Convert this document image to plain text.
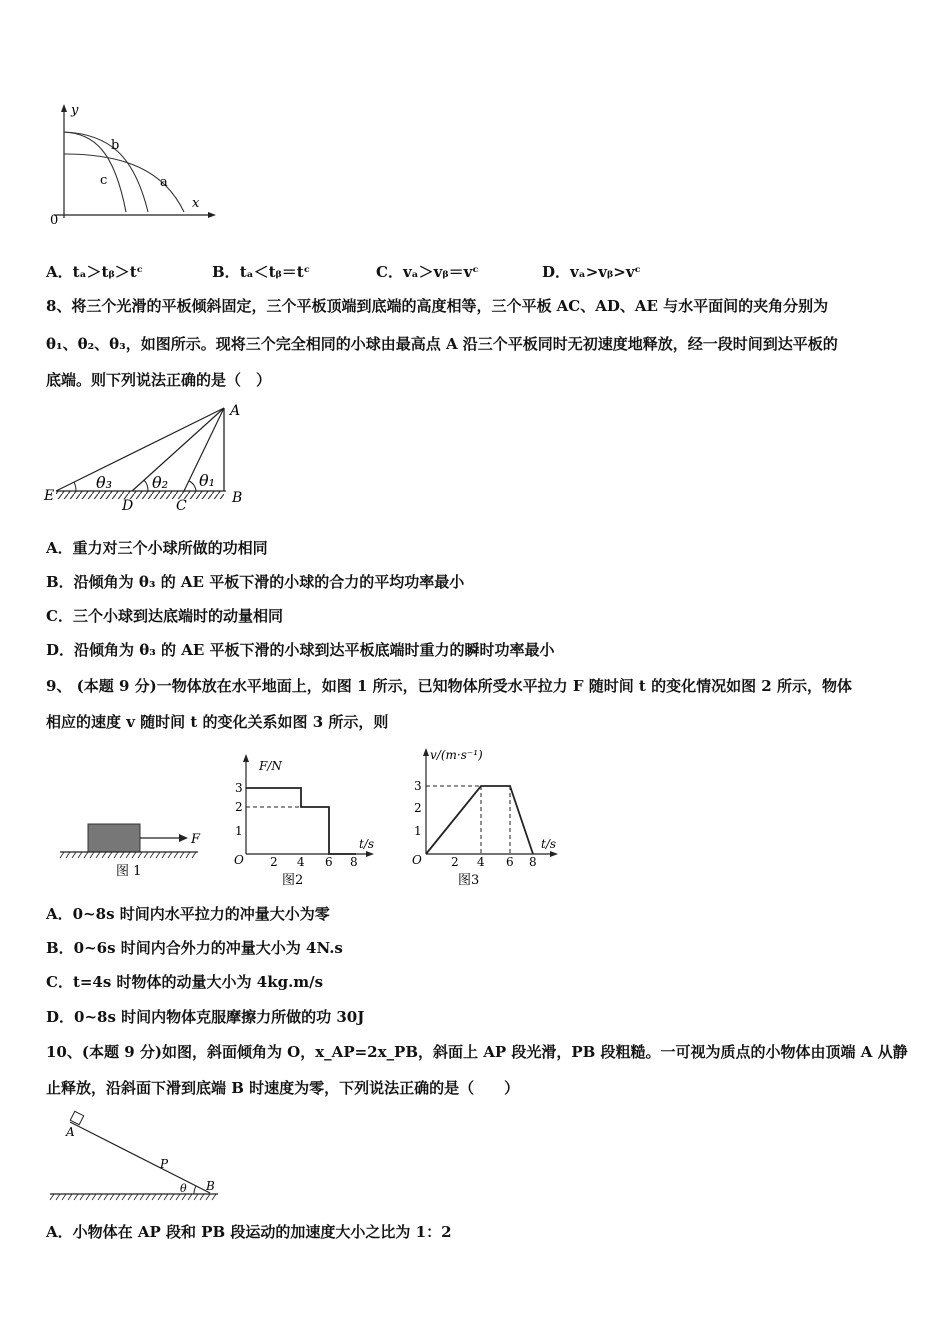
y
x
0
b
c	a
A．tₐ＞tᵦ＞tᶜ	B．tₐ＜tᵦ＝tᶜ	C．vₐ＞vᵦ＝vᶜ	D．vₐ>vᵦ>vᶜ
8、将三个光滑的平板倾斜固定，三个平板顶端到底端的高度相等，三个平板 AC、AD、AE 与水平面间的夹角分别为
θ₁、θ₂、θ₃，如图所示。现将三个完全相同的小球由最高点 A 沿三个平板同时无初速度地释放，经一段时间到达平板的
底端。则下列说法正确的是（　）
A
B
C
D
E
θ₃ θ₂ θ₁
A．重力对三个小球所做的功相同
B．沿倾角为 θ₃ 的 AE 平板下滑的小球的合力的平均功率最小
C．三个小球到达底端时的动量相同
D．沿倾角为 θ₃ 的 AE 平板下滑的小球到达平板底端时重力的瞬时功率最小
9、 (本题 9 分)一物体放在水平地面上，如图 1 所示，已知物体所受水平拉力 F 随时间 t 的变化情况如图 2 所示，物体
相应的速度 v 随时间 t 的变化关系如图 3 所示，则
F
图 1
F/N
t/s
O
3
2
1
2 4 6 8
图2
v/(m·s⁻¹)
t/s
O
3
2
1
2 4 6 8
图3
A．0~8s 时间内水平拉力的冲量大小为零
B．0~6s 时间内合外力的冲量大小为 4N.s
C．t=4s 时物体的动量大小为 4kg.m/s
D．0~8s 时间内物体克服摩擦力所做的功 30J
10、(本题 9 分)如图，斜面倾角为 O，x_AP=2x_PB，斜面上 AP 段光滑，PB 段粗糙。一可视为质点的小物体由顶端 A 从静
止释放，沿斜面下滑到底端 B 时速度为零，下列说法正确的是（　　）
A
P
θ B
A．小物体在 AP 段和 PB 段运动的加速度大小之比为 1：2
